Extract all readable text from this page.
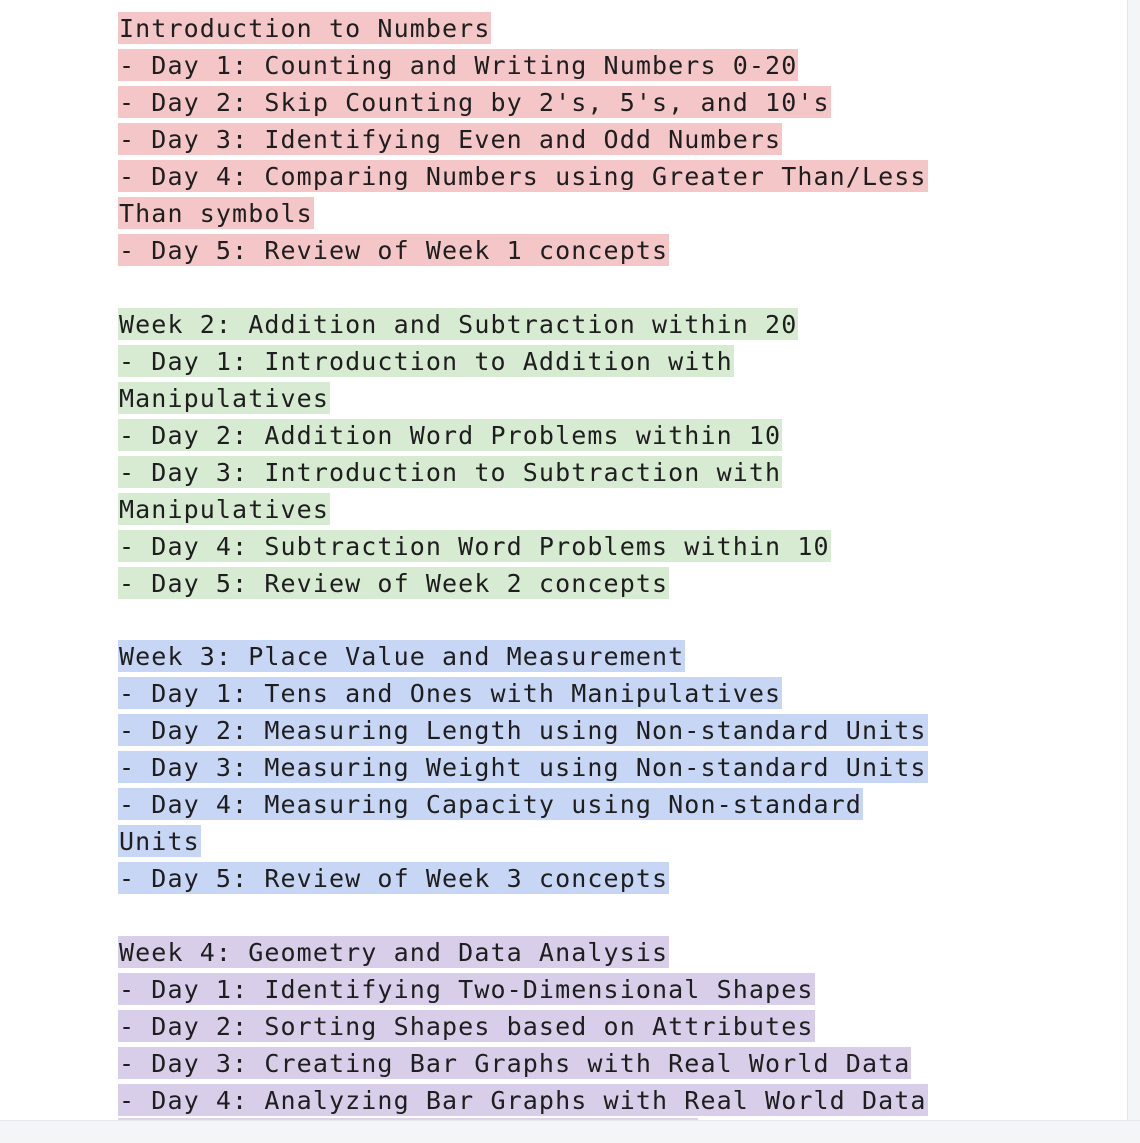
Introduction to Numbers
- Day 1: Counting and Writing Numbers 0-20
- Day 2: Skip Counting by 2's, 5's, and 10's
- Day 3: Identifying Even and Odd Numbers
- Day 4: Comparing Numbers using Greater Than/Less
Than symbols
- Day 5: Review of Week 1 concepts
Week 2: Addition and Subtraction within 20
- Day 1: Introduction to Addition with
Manipulatives
- Day 2: Addition Word Problems within 10
- Day 3: Introduction to Subtraction with
Manipulatives
- Day 4: Subtraction Word Problems within 10
- Day 5: Review of Week 2 concepts
Week 3: Place Value and Measurement
- Day 1: Tens and Ones with Manipulatives
- Day 2: Measuring Length using Non-standard Units
- Day 3: Measuring Weight using Non-standard Units
- Day 4: Measuring Capacity using Non-standard
Units
- Day 5: Review of Week 3 concepts
Week 4: Geometry and Data Analysis
- Day 1: Identifying Two-Dimensional Shapes
- Day 2: Sorting Shapes based on Attributes
- Day 3: Creating Bar Graphs with Real World Data
- Day 4: Analyzing Bar Graphs with Real World Data
